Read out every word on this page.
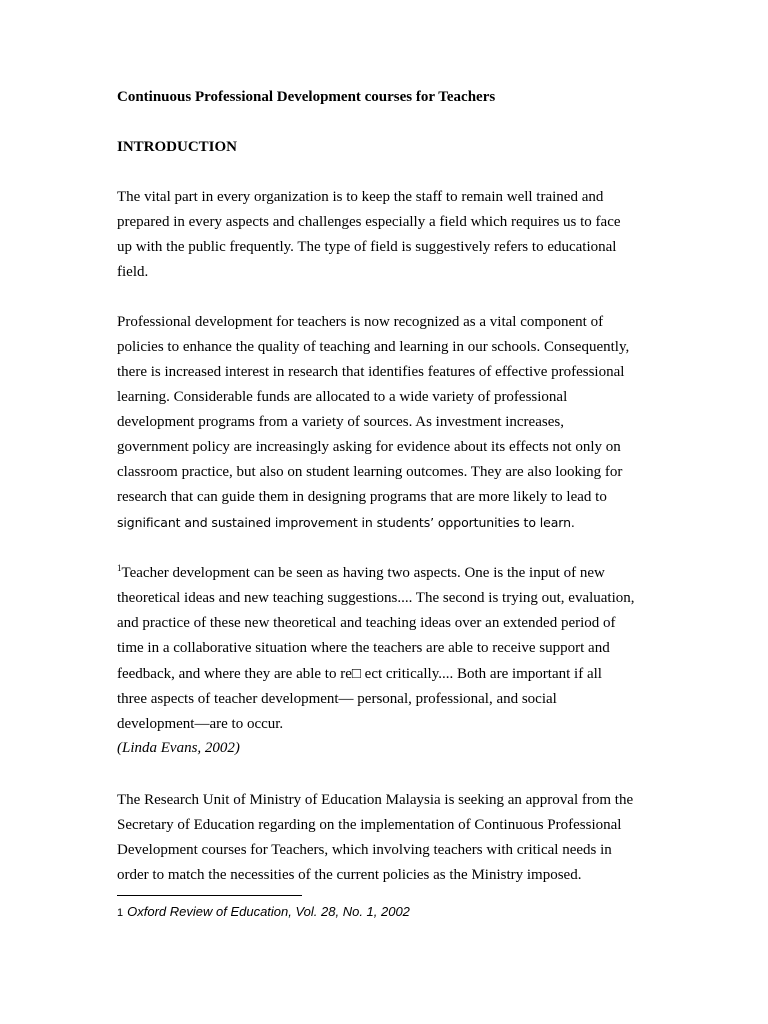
Continuous Professional Development courses for Teachers
INTRODUCTION
The vital part in every organization is to keep the staff to remain well trained and
prepared in every aspects and challenges especially a field which requires us to face
up with the public frequently. The type of field is suggestively refers to educational
field.
Professional development for teachers is now recognized as a vital component of
policies to enhance the quality of teaching and learning in our schools. Consequently,
there is increased interest in research that identifies features of effective professional
learning. Considerable funds are allocated to a wide variety of professional
development programs from a variety of sources. As investment increases,
government policy are increasingly asking for evidence about its effects not only on
classroom practice, but also on student learning outcomes. They are also looking for
research that can guide them in designing programs that are more likely to lead to
significant and sustained improvement in students’ opportunities to learn.
$^1$Teacher development can be seen as having two aspects. One is the input of new
theoretical ideas and new teaching suggestions.... The second is trying out, evaluation,
and practice of these new theoretical and teaching ideas over an extended period of
time in a collaborative situation where the teachers are able to receive support and
feedback, and where they are able to re□ ect critically.... Both are important if all
three aspects of teacher development— personal, professional, and social
development—are to occur.
(Linda Evans, 2002)
The Research Unit of Ministry of Education Malaysia is seeking an approval from the
Secretary of Education regarding on the implementation of Continuous Professional
Development courses for Teachers, which involving teachers with critical needs in
order to match the necessities of the current policies as the Ministry imposed.
1 Oxford Review of Education, Vol. 28, No. 1, 2002
